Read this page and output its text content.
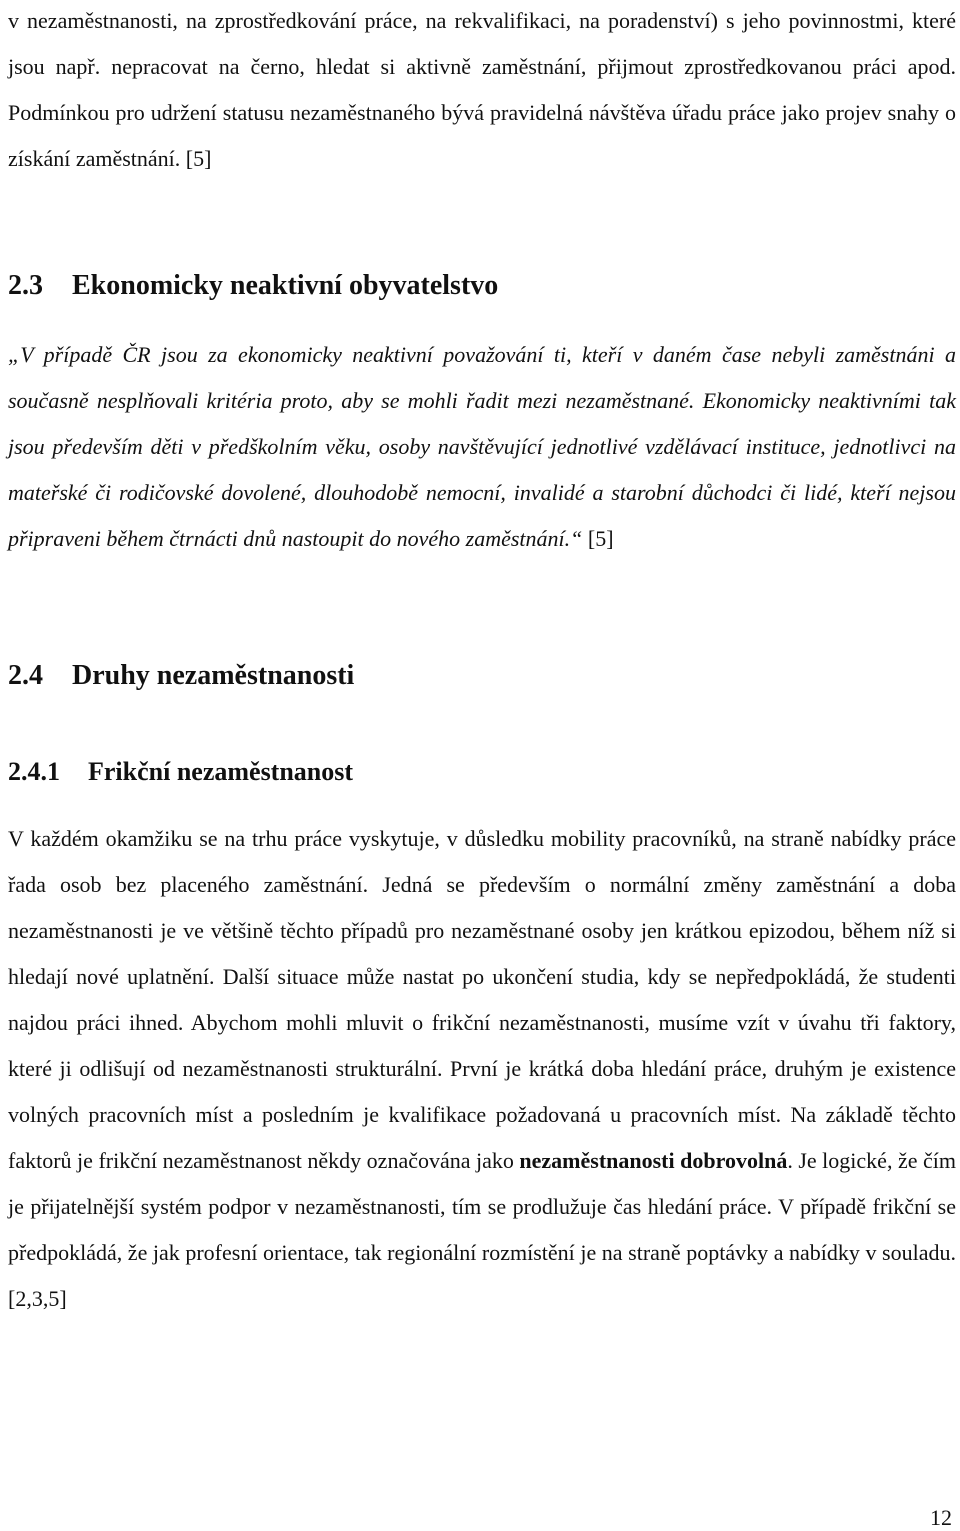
v nezaměstnanosti, na zprostředkování práce, na rekvalifikaci, na poradenství) s jeho povinnostmi, které jsou např. nepracovat na černo, hledat si aktivně zaměstnání, přijmout zprostředkovanou práci apod. Podmínkou pro udržení statusu nezaměstnaného bývá pravidelná návštěva úřadu práce jako projev snahy o získání zaměstnání. [5]

2.3 Ekonomicky neaktivní obyvatelstvo

„V případě ČR jsou za ekonomicky neaktivní považování ti, kteří v daném čase nebyli zaměstnáni a současně nesplňovali kritéria proto, aby se mohli řadit mezi nezaměstnané. Ekonomicky neaktivními tak jsou především děti v předškolním věku, osoby navštěvující jednotlivé vzdělávací instituce, jednotlivci na mateřské či rodičovské dovolené, dlouhodobě nemocní, invalidé a starobní důchodci či lidé, kteří nejsou připraveni během čtrnácti dnů nastoupit do nového zaměstnání.“ [5]

2.4 Druhy nezaměstnanosti
2.4.1 Frikční nezaměstnanost

V každém okamžiku se na trhu práce vyskytuje, v důsledku mobility pracovníků, na straně nabídky práce řada osob bez placeného zaměstnání. Jedná se především o normální změny zaměstnání a doba nezaměstnanosti je ve většině těchto případů pro nezaměstnané osoby jen krátkou epizodou, během níž si hledají nové uplatnění. Další situace může nastat po ukončení studia, kdy se nepředpokládá, že studenti najdou práci ihned. Abychom mohli mluvit o frikční nezaměstnanosti, musíme vzít v úvahu tři faktory, které ji odlišují od nezaměstnanosti strukturální. První je krátká doba hledání práce, druhým je existence volných pracovních míst a posledním je kvalifikace požadovaná u pracovních míst. Na základě těchto faktorů je frikční nezaměstnanost někdy označována jako nezaměstnanosti dobrovolná. Je logické, že čím je přijatelnější systém podpor v nezaměstnanosti, tím se prodlužuje čas hledání práce. V případě frikční se předpokládá, že jak profesní orientace, tak regionální rozmístění je na straně poptávky a nabídky v souladu. [2,3,5]

12
